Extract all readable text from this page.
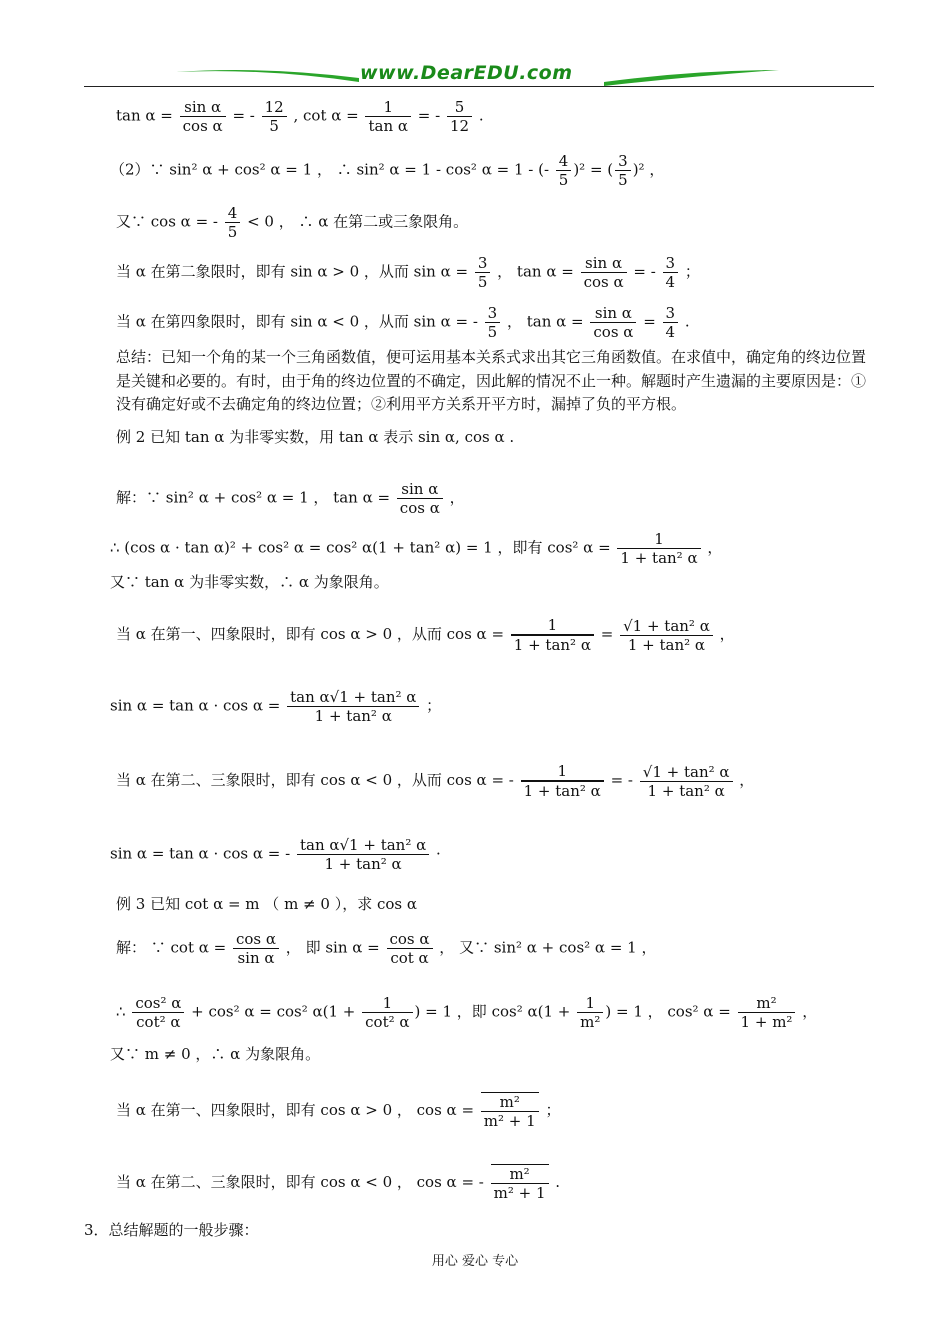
www.DearEDU.com
$\tan \alpha = \frac{\text{sin α}}{\text{cos α}}$ = - $\frac{12}{5}$ , $\cot \alpha = \frac{1}{\text{tan α}}$ = - $\frac{5}{12}$ .
（2）∵ sin² α + cos² α = 1 ， ∴ sin² α = 1 - cos² α = 1 - (- $\frac{4}{5} )^2$ = ( $\frac{3}{5} )^2$ ，
又∵ cos α = - $\frac{4}{5} < 0$ ， ∴ α 在第二或三象限角。
当 α 在第二象限时，即有 sin α > 0 ，从而 $\sin \alpha = \frac{3}{5}$ ， $\tan \alpha = \frac{\text{sin α}}{\text{cos α}}$ = - $\frac{3}{4}$ ；
当 α 在第四象限时，即有 sin α < 0 ，从而 sin α = - $\frac{3}{5}$ ， $\tan \alpha = \frac{\text{sin α}}{\text{cos α}} = \frac{3}{4}$ .
总结：已知一个角的某一个三角函数值，便可运用基本关系式求出其它三角函数值。在求值中，确定角的终边位置是关键和必要的。有时，由于角的终边位置的不确定，因此解的情况不止一种。解题时产生遗漏的主要原因是：①没有确定好或不去确定角的终边位置；②利用平方关系开平方时，漏掉了负的平方根。
例 2 已知 tan α 为非零实数，用 tan α 表示 sin α, cos α .
解：∵ sin² α + cos² α = 1 ， $\tan \alpha = \frac{\text{sin α}}{\text{cos α}}$ ，
∴ (cos α · tan α)² + cos² α = cos² α(1 + tan² α) = 1 ，即有 cos² $\alpha = \frac{1}{\text{1 + tan² α}}$ ，
又∵ tan α 为非零实数，∴ α 为象限角。
当 α 在第一、四象限时，即有 cos α > 0 ，从而 $\cos \alpha = \frac{1}{\text{1 + tan² α}} = \frac{\text{√1 + tan² α}}{\text{1 + tan² α}}$ ，
$\sin \alpha = \tan \alpha \cdot \cos \alpha = \frac{\text{tan α√1 + tan² α}}{\text{1 + tan² α}}$ ；
当 α 在第二、三象限时，即有 cos α < 0 ，从而 cos α = - $\frac{1}{\text{1 + tan² α}}$ = - $\frac{\text{√1 + tan² α}}{\text{1 + tan² α}}$ ，
sin α = tan α · cos α = - $\frac{\text{tan α√1 + tan² α}}{\text{1 + tan² α}}$ ·
例 3 已知 cot α = m （ m ≠ 0 ），求 cos α
解： ∵ $\cot \alpha = \frac{\text{cos α}}{\text{sin α}}$ ， 即 $\sin \alpha = \frac{\text{cos α}}{\text{cot α}}$ ， 又∵ sin² α + cos² α = 1 ，
∴ $\frac{\text{cos² α}}{\text{cot² α}} + \cos^2$ α = cos² $\alpha(1 + \frac{1}{\text{cot² α}}$ ) = 1 ，即 cos² $\alpha(1 + \frac{1}{\text{m²}}$ ) = 1 ， cos² $\alpha = \frac{\text{m²}}{\text{1 + m²}}$ ，
又∵ m ≠ 0 ，∴ α 为象限角。
当 α 在第一、四象限时，即有 cos α > 0 ， $\cos \alpha = \frac{\text{m²}}{\text{m² + 1}}$ ；
当 α 在第二、三象限时，即有 cos α < 0 ， cos α = - $\frac{\text{m²}}{\text{m² + 1}}$ .
3．总结解题的一般步骤：
用心 爱心 专心
